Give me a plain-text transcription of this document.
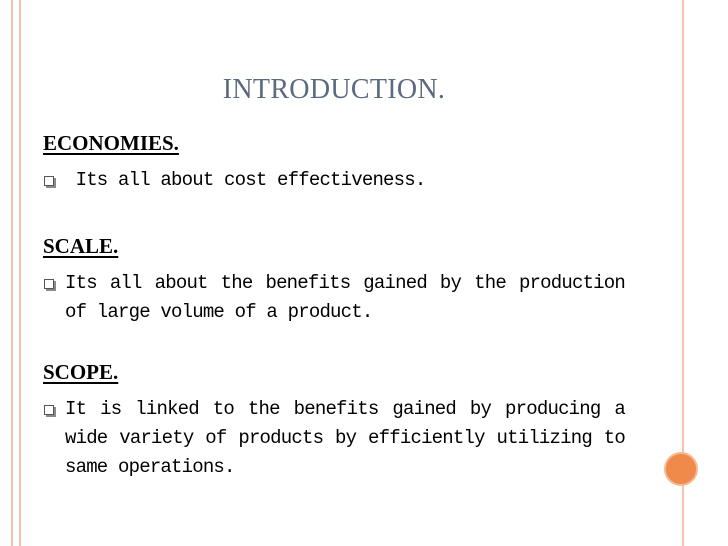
INTRODUCTION.
ECONOMIES.
Its all about cost effectiveness.
SCALE.
Its all about the benefits gained by the production of large volume of a product.
SCOPE.
It is linked to the benefits gained by producing a wide variety of products by efficiently utilizing to same operations.
